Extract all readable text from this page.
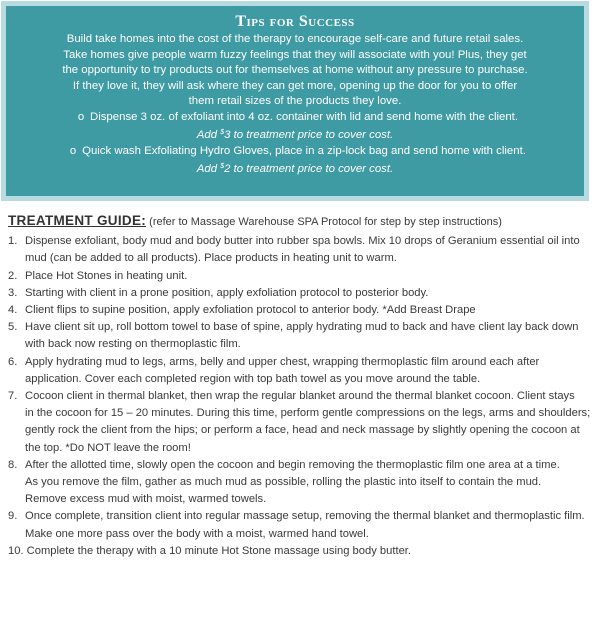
Tips for Success
Build take homes into the cost of the therapy to encourage self-care and future retail sales.
Take homes give people warm fuzzy feelings that they will associate with you! Plus, they get
the opportunity to try products out for themselves at home without any pressure to purchase.
If they love it, they will ask where they can get more, opening up the door for you to offer
them retail sizes of the products they love.
o Dispense 3 oz. of exfoliant into 4 oz. container with lid and send home with the client.
Add $3 to treatment price to cover cost.
o Quick wash Exfoliating Hydro Gloves, place in a zip-lock bag and send home with client.
Add $2 to treatment price to cover cost.
TREATMENT GUIDE: (refer to Massage Warehouse SPA Protocol for step by step instructions)
1. Dispense exfoliant, body mud and body butter into rubber spa bowls. Mix 10 drops of Geranium essential oil into
mud (can be added to all products). Place products in heating unit to warm.
2. Place Hot Stones in heating unit.
3. Starting with client in a prone position, apply exfoliation protocol to posterior body.
4. Client flips to supine position, apply exfoliation protocol to anterior body. *Add Breast Drape
5. Have client sit up, roll bottom towel to base of spine, apply hydrating mud to back and have client lay back down
with back now resting on thermoplastic film.
6. Apply hydrating mud to legs, arms, belly and upper chest, wrapping thermoplastic film around each after
application. Cover each completed region with top bath towel as you move around the table.
7. Cocoon client in thermal blanket, then wrap the regular blanket around the thermal blanket cocoon. Client stays
in the cocoon for 15 – 20 minutes. During this time, perform gentle compressions on the legs, arms and shoulders;
gently rock the client from the hips; or perform a face, head and neck massage by slightly opening the cocoon at
the top. *Do NOT leave the room!
8. After the allotted time, slowly open the cocoon and begin removing the thermoplastic film one area at a time.
As you remove the film, gather as much mud as possible, rolling the plastic into itself to contain the mud.
Remove excess mud with moist, warmed towels.
9. Once complete, transition client into regular massage setup, removing the thermal blanket and thermoplastic film.
Make one more pass over the body with a moist, warmed hand towel.
10. Complete the therapy with a 10 minute Hot Stone massage using body butter.
